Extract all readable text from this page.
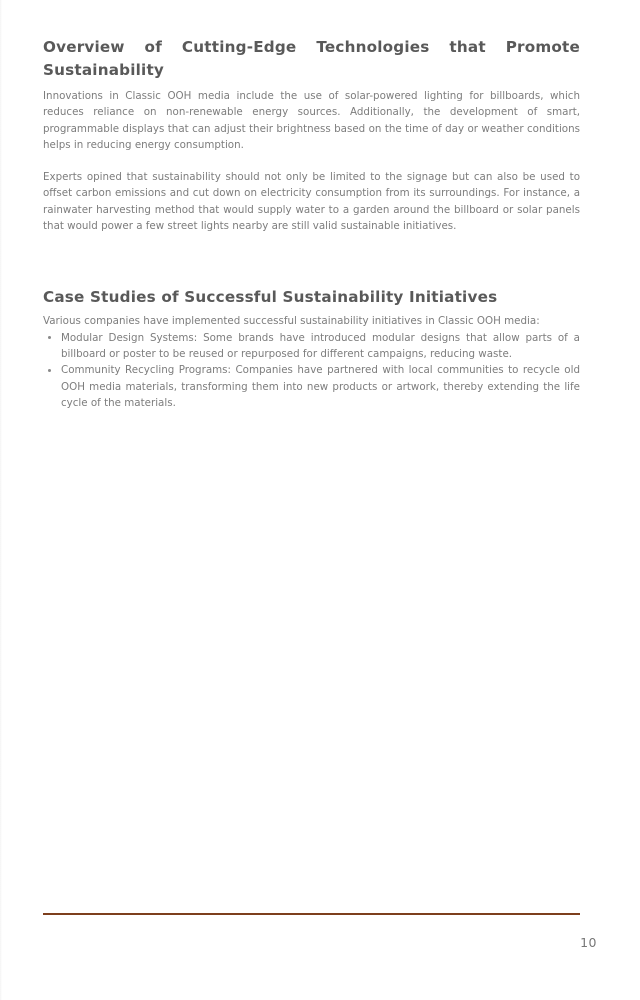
Overview of Cutting-Edge Technologies that Promote Sustainability

Innovations in Classic OOH media include the use of solar-powered lighting for billboards, which reduces reliance on non-renewable energy sources. Additionally, the development of smart, programmable displays that can adjust their brightness based on the time of day or weather conditions helps in reducing energy consumption.

Experts opined that sustainability should not only be limited to the signage but can also be used to offset carbon emissions and cut down on electricity consumption from its surroundings. For instance, a rainwater harvesting method that would supply water to a garden around the billboard or solar panels that would power a few street lights nearby are still valid sustainable initiatives.

Case Studies of Successful Sustainability Initiatives

Various companies have implemented successful sustainability initiatives in Classic OOH media:

Modular Design Systems: Some brands have introduced modular designs that allow parts of a billboard or poster to be reused or repurposed for different campaigns, reducing waste.
Community Recycling Programs: Companies have partnered with local communities to recycle old OOH media materials, transforming them into new products or artwork, thereby extending the life cycle of the materials.
10
